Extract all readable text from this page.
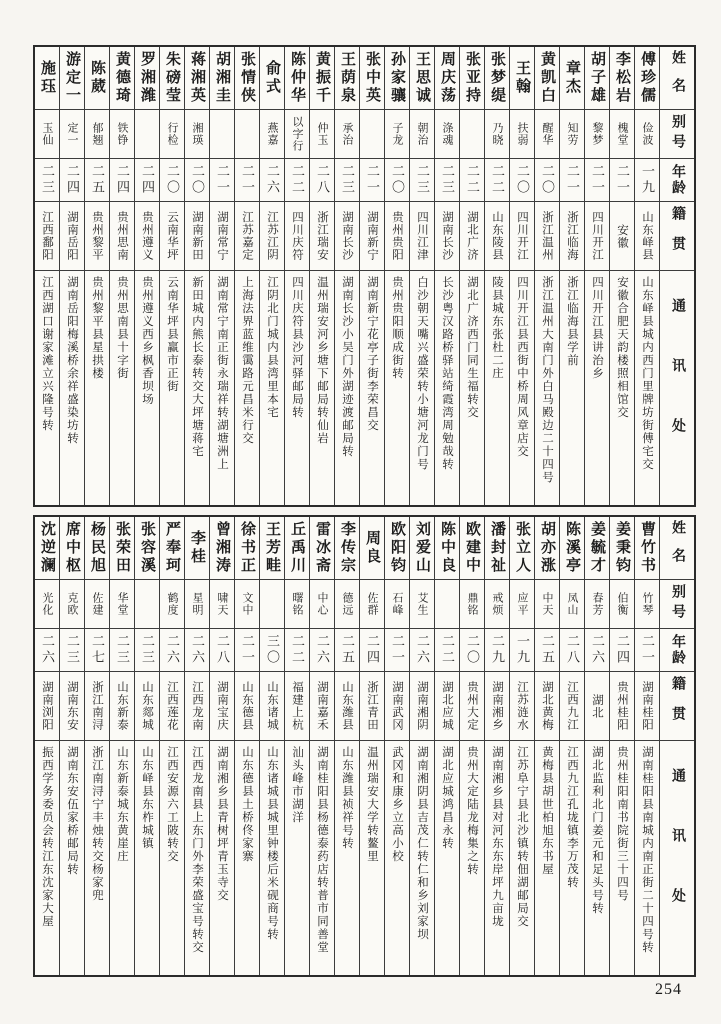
姓名
别号
年龄
籍贯
通讯处
傅珍儒
俭波
一九
山东峄县
山东峄县城内西门里牌坊街傅宅交
李松岩
槐堂
二一
安徽
安徽合肥天韵楼照相馆交
胡子雄
黎梦
二一
四川开江
四川开江县讲治乡
章杰
知劳
二一
浙江临海
浙江临海县学前
黄凯白
醒华
二〇
浙江温州
浙江温州大南门外白马殿边二十四号
王翰
扶弱
二〇
四川开江
四川开江县西街中桥周风章店交
张梦缇
乃晓
二二
山东陵县
陵县城东张杜二庄
张亚持
二二
湖北广济
湖北广济西门同生福转交
周庆荡
涤魂
二三
湖南长沙
长沙粤汉路桥驿站绮霞湾周勉哉转
王思诚
朝治
二三
四川江津
白沙朝天嘴兴盛荣转小塘河龙门号
孙家骧
子龙
二〇
贵州贵阳
贵州贵阳顺成街转
张中英
二一
湖南新宁
湖南新宁花亭子街李荣昌交
王荫泉
承治
二三
湖南长沙
湖南长沙小吴门外湖迹渡邮局转
黄振千
仲玉
二八
浙江瑞安
温州瑞安河乡塘下邮局转仙岩
陈仲华
以字行
二二
四川庆符
四川庆符县沙河驿邮局转
俞式
燕嘉
二六
江苏江阴
江阴北门城内县湾里本宅
张情侠
二一
江苏嘉定
上海法界蓝维霭路元昌米行交
胡湘圭
二一
湖南常宁
湖南常宁南正街永瑞祥转湖塘洲上
蒋湘英
湘瑛
二〇
湖南新田
新田城内熊长泰转交大坪塘蒋宅
朱磅莹
行检
二〇
云南华坪
云南华坪县赢市正街
罗湘潍
二四
贵州遵义
贵州遵义西乡枫香坝场
黄德琦
铁铮
二四
贵州思南
贵州思南县十字街
陈葳
郁翘
二五
贵州黎平
贵州黎平县星拱楼
游定一
定一
二四
湖南岳阳
湖南岳阳梅溪桥余祥盛染坊转
施珏
玉仙
二三
江西鄱阳
江西湖口谢家滩立兴隆号转
姓名
别号
年龄
籍贯
通讯处
曹竹书
竹琴
二一
湖南桂阳
湖南桂阳县南城内南正街二十四号转
姜秉钧
伯衡
二四
贵州桂阳
贵州桂阳南书院街三十四号
姜毓才
春芳
二六
湖北
湖北监利北门姜元和足头号转
陈溪亭
凤山
二八
江西九江
江西九江孔垅镇李万茂转
胡亦涨
中天
二五
湖北黄梅
黄梅县胡世柏旭东书屋
张立人
应平
一九
江苏涟水
江苏阜宁县北沙镇转佃湖邮局交
潘封祉
戒烦
二九
湖南湘乡
湖南湘乡县对河东东岸坪九亩垅
欧建中
鼎铭
二〇
贵州大定
贵州大定陆龙梅集之转
陈中良
二二
湖北应城
湖北应城鸿昌永转
刘爱山
艾生
二六
湖南湘阴
湖南湘阴县吉茂仁转仁和乡刘家坝
欧阳钧
石峰
二一
湖南武冈
武冈和康乡立高小校
周良
佐群
二四
浙江青田
温州瑞安大学转鳌里
李传宗
德远
二五
山东潍县
山东潍县祯祥号转
雷冰斋
中心
二六
湖南嘉禾
湖南桂阳县杨德泰药店转普市同善堂
丘禹川
曙铭
二二
福建上杭
汕头峰市湖洋
王芳畦
三〇
山东诸城
山东诸城县城里钟楼后米砚商号转
徐书正
文中
二一
山东德县
山东德县土桥佟家寨
曾湘涛
啸天
二八
湖南宝庆
湖南湘乡县青树坪青玉寺交
李桂
星明
二六
江西龙南
江西龙南县上东门外李荣盛宝号转交
严奉珂
鹤度
二六
江西莲花
江西安源六工陂转交
张容溪
二三
山东郯城
山东峄县东柞城镇
张荣田
华堂
二三
山东新泰
山东新泰城东黄崖庄
杨民旭
佐建
二七
浙江南浔
浙江南浔宁丰烛转交杨家兜
席中枢
克欧
二三
湖南东安
湖南东安伍家桥邮局转
沈逆澜
光化
二六
湖南浏阳
振西学务委员会转江东沈家大屋
254
